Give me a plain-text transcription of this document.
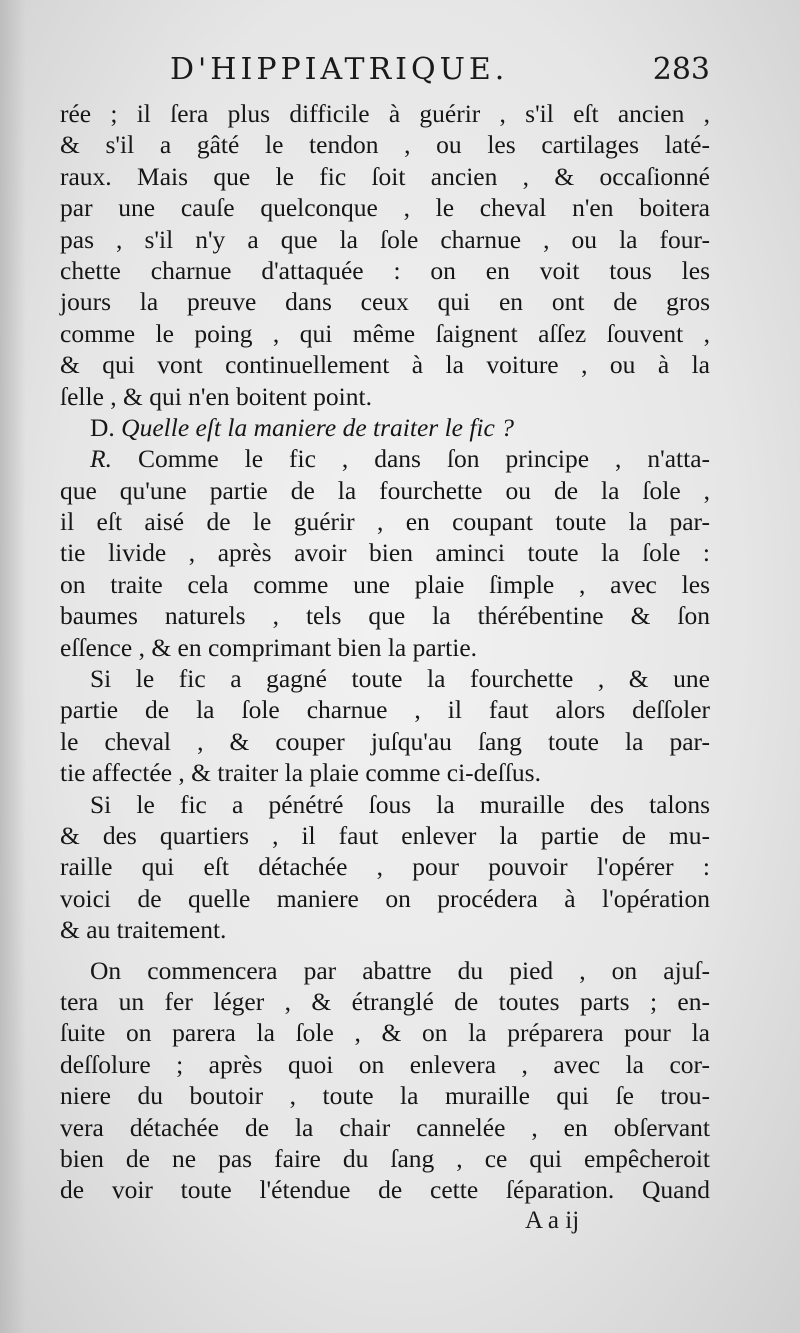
D'HIPPIATRIQUE.	283
rée ; il ſera plus difficile à guérir , s'il eſt ancien ,
& s'il a gâté le tendon , ou les cartilages laté-
raux. Mais que le fic ſoit ancien , & occaſionné
par une cauſe quelconque , le cheval n'en boitera
pas , s'il n'y a que la ſole charnue , ou la four-
chette charnue d'attaquée : on en voit tous les
jours la preuve dans ceux qui en ont de gros
comme le poing , qui même ſaignent aſſez ſouvent ,
& qui vont continuellement à la voiture , ou à la
ſelle , & qui n'en boitent point.
D. Quelle eſt la maniere de traiter le fic ?
R. Comme le fic , dans ſon principe , n'atta-
que qu'une partie de la fourchette ou de la ſole ,
il eſt aisé de le guérir , en coupant toute la par-
tie livide , après avoir bien aminci toute la ſole :
on traite cela comme une plaie ſimple , avec les
baumes naturels , tels que la thérébentine & ſon
eſſence , & en comprimant bien la partie.
Si le fic a gagné toute la fourchette , & une
partie de la ſole charnue , il faut alors deſſoler
le cheval , & couper juſqu'au ſang toute la par-
tie affectée , & traiter la plaie comme ci-deſſus.
Si le fic a pénétré ſous la muraille des talons
& des quartiers , il faut enlever la partie de mu-
raille qui eſt détachée , pour pouvoir l'opérer :
voici de quelle maniere on procédera à l'opération
& au traitement.
On commencera par abattre du pied , on ajuſ-
tera un fer léger , & étranglé de toutes parts ; en-
ſuite on parera la ſole , & on la préparera pour la
deſſolure ; après quoi on enlevera , avec la cor-
niere du boutoir , toute la muraille qui ſe trou-
vera détachée de la chair cannelée , en obſervant
bien de ne pas faire du ſang , ce qui empêcheroit
de voir toute l'étendue de cette ſéparation. Quand
A a ij
